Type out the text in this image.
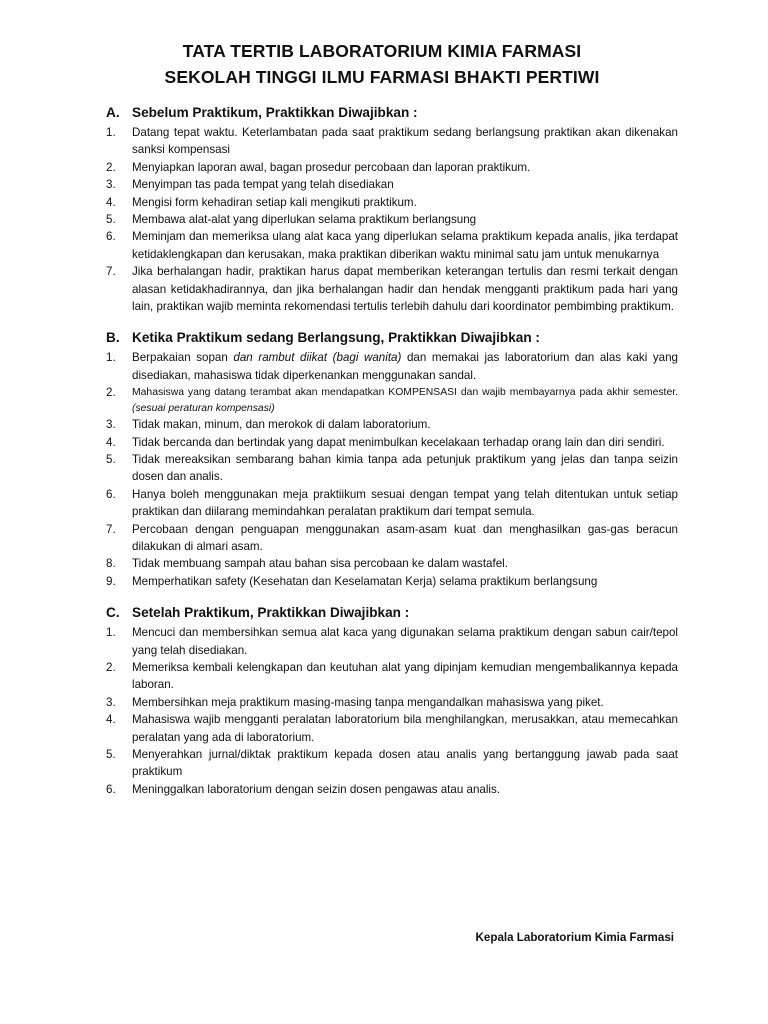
TATA TERTIB LABORATORIUM KIMIA FARMASI
SEKOLAH TINGGI ILMU FARMASI BHAKTI PERTIWI
A. Sebelum Praktikum, Praktikkan Diwajibkan :
1.	Datang tepat waktu. Keterlambatan pada saat praktikum sedang berlangsung praktikan akan dikenakan sanksi kompensasi
2.	Menyiapkan laporan awal, bagan prosedur percobaan dan laporan praktikum.
3.	Menyimpan tas pada tempat yang telah disediakan
4.	Mengisi form kehadiran setiap kali mengikuti praktikum.
5.	Membawa alat-alat yang diperlukan selama praktikum berlangsung
6.	Meminjam dan memeriksa ulang alat kaca yang diperlukan selama praktikum kepada analis, jika terdapat ketidaklengkapan dan kerusakan, maka praktikan diberikan waktu minimal satu jam untuk menukarnya
7.	Jika berhalangan hadir, praktikan harus dapat memberikan keterangan tertulis dan resmi terkait dengan alasan ketidakhadirannya, dan jika berhalangan hadir dan hendak mengganti praktikum pada hari yang lain, praktikan wajib meminta rekomendasi tertulis terlebih dahulu dari koordinator pembimbing praktikum.
B. Ketika Praktikum sedang Berlangsung, Praktikkan Diwajibkan :
1.	Berpakaian sopan dan rambut diikat (bagi wanita) dan memakai jas laboratorium dan alas kaki yang disediakan, mahasiswa tidak diperkenankan menggunakan sandal.
2.	Mahasiswa yang datang terambat akan mendapatkan KOMPENSASI dan wajib membayarnya pada akhir semester. (sesuai peraturan kompensasi)
3.	Tidak makan, minum, dan merokok di dalam laboratorium.
4.	Tidak bercanda dan bertindak yang dapat menimbulkan kecelakaan terhadap orang lain dan diri sendiri.
5.	Tidak mereaksikan sembarang bahan kimia tanpa ada petunjuk praktikum yang jelas dan tanpa seizin dosen dan analis.
6.	Hanya boleh menggunakan meja praktiikum sesuai dengan tempat yang telah ditentukan untuk setiap praktikan dan diilarang memindahkan peralatan praktikum dari tempat semula.
7.	Percobaan dengan penguapan menggunakan asam-asam kuat dan menghasilkan gas-gas beracun dilakukan di almari asam.
8.	Tidak membuang sampah atau bahan sisa percobaan ke dalam wastafel.
9.	Memperhatikan safety (Kesehatan dan Keselamatan Kerja) selama praktikum berlangsung
C. Setelah Praktikum, Praktikkan Diwajibkan :
1.	Mencuci dan membersihkan semua alat kaca yang digunakan selama praktikum dengan sabun cair/tepol yang telah disediakan.
2.	Memeriksa kembali kelengkapan dan keutuhan alat yang dipinjam kemudian mengembalikannya kepada laboran.
3.	Membersihkan meja praktikum masing-masing tanpa mengandalkan mahasiswa yang piket.
4.	Mahasiswa wajib mengganti peralatan laboratorium bila menghilangkan, merusakkan, atau memecahkan peralatan yang ada di laboratorium.
5.	Menyerahkan jurnal/diktak praktikum kepada dosen atau analis yang bertanggung jawab pada saat praktikum
6.	Meninggalkan laboratorium dengan seizin dosen pengawas atau analis.
Kepala Laboratorium Kimia Farmasi
